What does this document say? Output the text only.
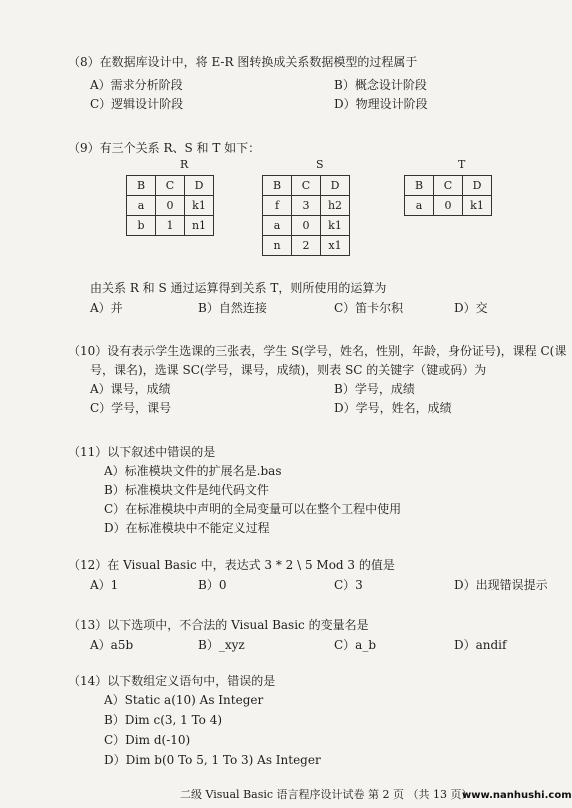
（8）在数据库设计中，将 E-R 图转换成关系数据模型的过程属于
A）需求分析阶段	B）概念设计阶段
C）逻辑设计阶段	D）物理设计阶段
（9）有三个关系 R、S 和 T 如下：
R
B	C	D
a	0	k1
b	1	n1
S
B	C	D
f	3	h2
a	0	k1
n	2	x1
T
B	C	D
a	0	k1
由关系 R 和 S 通过运算得到关系 T，则所使用的运算为
A）并	B）自然连接	C）笛卡尔积	D）交
（10）设有表示学生选课的三张表，学生 S(学号，姓名，性别，年龄，身份证号)，课程 C(课
号，课名)，选课 SC(学号，课号，成绩)，则表 SC 的关键字（键或码）为
A）课号，成绩	B）学号，成绩
C）学号，课号	D）学号，姓名，成绩
（11）以下叙述中错误的是
A）标准模块文件的扩展名是.bas
B）标准模块文件是纯代码文件
C）在标准模块中声明的全局变量可以在整个工程中使用
D）在标准模块中不能定义过程
（12）在 Visual Basic 中，表达式 3 * 2 \ 5 Mod 3 的值是
A）1	B）0	C）3	D）出现错误提示
（13）以下选项中，不合法的 Visual Basic 的变量名是
A）a5b	B）_xyz	C）a_b	D）andif
（14）以下数组定义语句中，错误的是
A）Static a(10) As Integer
B）Dim c(3, 1 To 4)
C）Dim d(-10)
D）Dim b(0 To 5, 1 To 3) As Integer
二级 Visual Basic 语言程序设计试卷 第 2 页 （共 13 页）
www.nanhushi.com
